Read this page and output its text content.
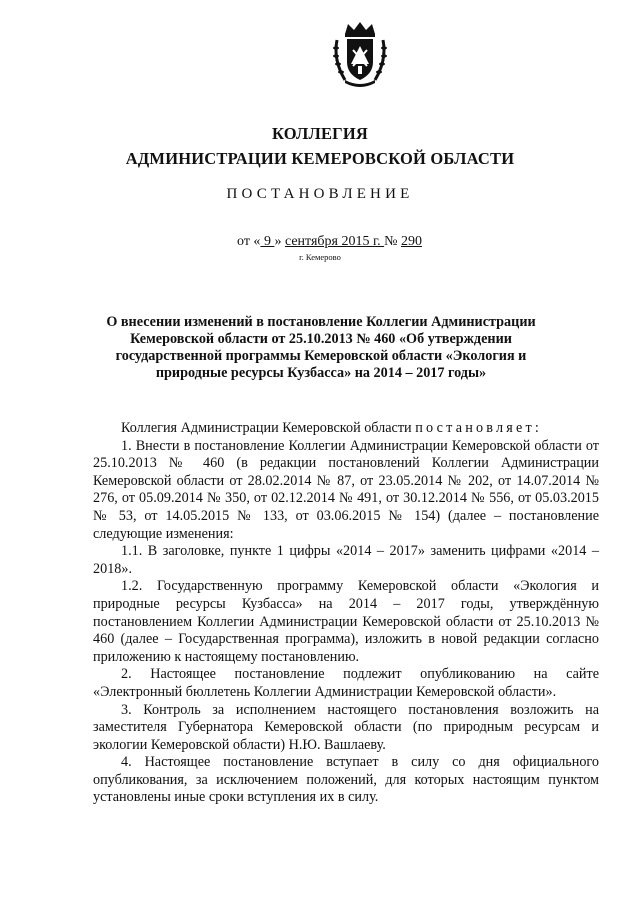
КОЛЛЕГИЯ
АДМИНИСТРАЦИИ КЕМЕРОВСКОЙ ОБЛАСТИ
ПОСТАНОВЛЕНИЕ
от « 9 » сентября 2015 г. № 290
г. Кемерово
О внесении изменений в постановление Коллегии Администрации Кемеровской области от 25.10.2013 № 460 «Об утверждении государственной программы Кемеровской области «Экология и природные ресурсы Кузбасса» на 2014 – 2017 годы»

Коллегия Администрации Кемеровской области постановляет:

1. Внести в постановление Коллегии Администрации Кемеровской области от 25.10.2013 № 460 (в редакции постановлений Коллегии Администрации Кемеровской области от 28.02.2014 № 87, от 23.05.2014 № 202, от 14.07.2014 № 276, от 05.09.2014 № 350, от 02.12.2014 № 491, от 30.12.2014 № 556, от 05.03.2015 № 53, от 14.05.2015 № 133, от 03.06.2015 № 154) (далее – постановление следующие изменения:

1.1. В заголовке, пункте 1 цифры «2014 – 2017» заменить цифрами «2014 – 2018».

1.2. Государственную программу Кемеровской области «Экология и природные ресурсы Кузбасса» на 2014 – 2017 годы, утверждённую постановлением Коллегии Администрации Кемеровской области от 25.10.2013 № 460 (далее – Государственная программа), изложить в новой редакции согласно приложению к настоящему постановлению.

2. Настоящее постановление подлежит опубликованию на сайте «Электронный бюллетень Коллегии Администрации Кемеровской области».

3. Контроль за исполнением настоящего постановления возложить на заместителя Губернатора Кемеровской области (по природным ресурсам и экологии Кемеровской области) Н.Ю. Вашлаеву.

4. Настоящее постановление вступает в силу со дня официального опубликования, за исключением положений, для которых настоящим пунктом установлены иные сроки вступления их в силу.
